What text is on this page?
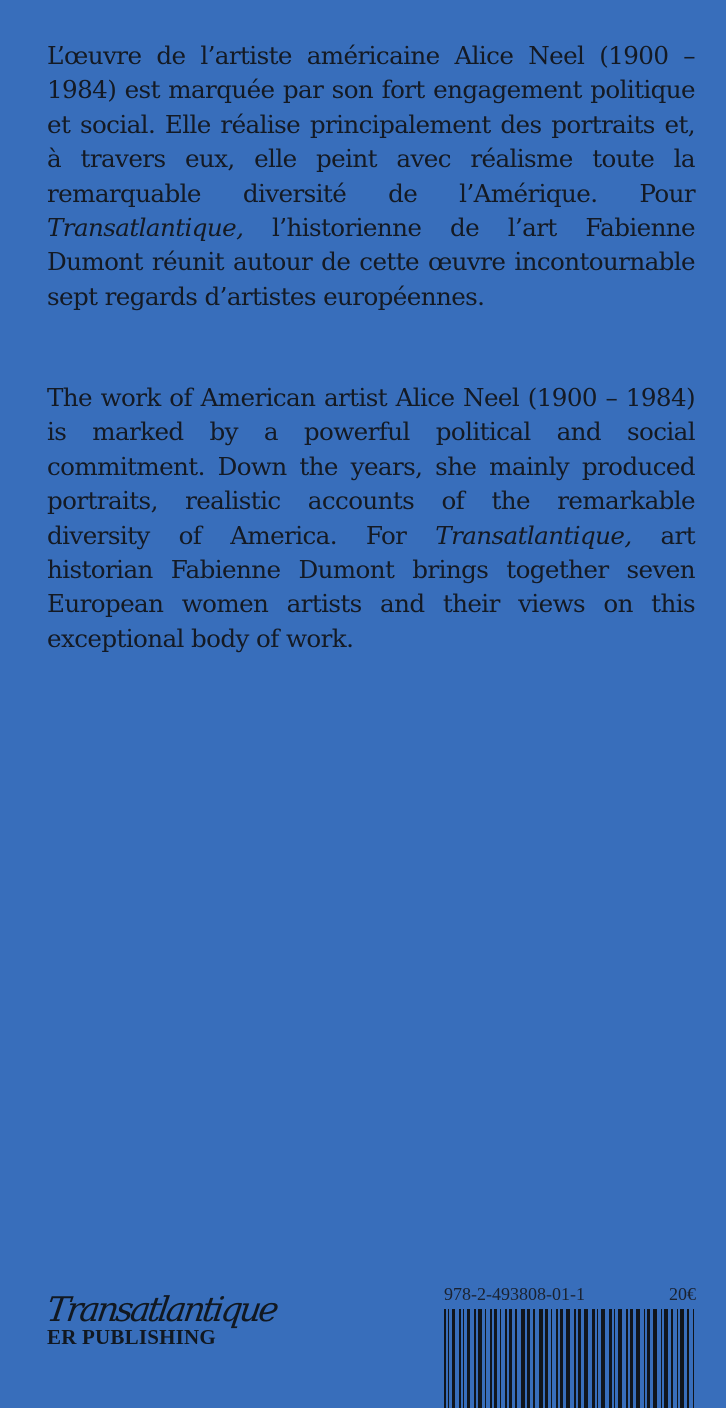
L’œuvre de l’artiste américaine Alice Neel (1900 – 1984) est marquée par son fort engagement politique et social. Elle réalise principalement des portraits et, à travers eux, elle peint avec réalisme toute la remarquable diversité de l’Amérique. Pour Transatlantique, l’historienne de l’art Fabienne Dumont réunit autour de cette œuvre incontournable sept regards d’artistes européennes.

The work of American artist Alice Neel (1900 – 1984) is marked by a powerful political and social commitment. Down the years, she mainly produced portraits, realistic accounts of the remarkable diversity of America. For Transatlantique, art historian Fabienne Dumont brings together seven European women artists and their views on this exceptional body of work.

Transatlantique
ER PUBLISHING
978-2-493808-01-1	20€
